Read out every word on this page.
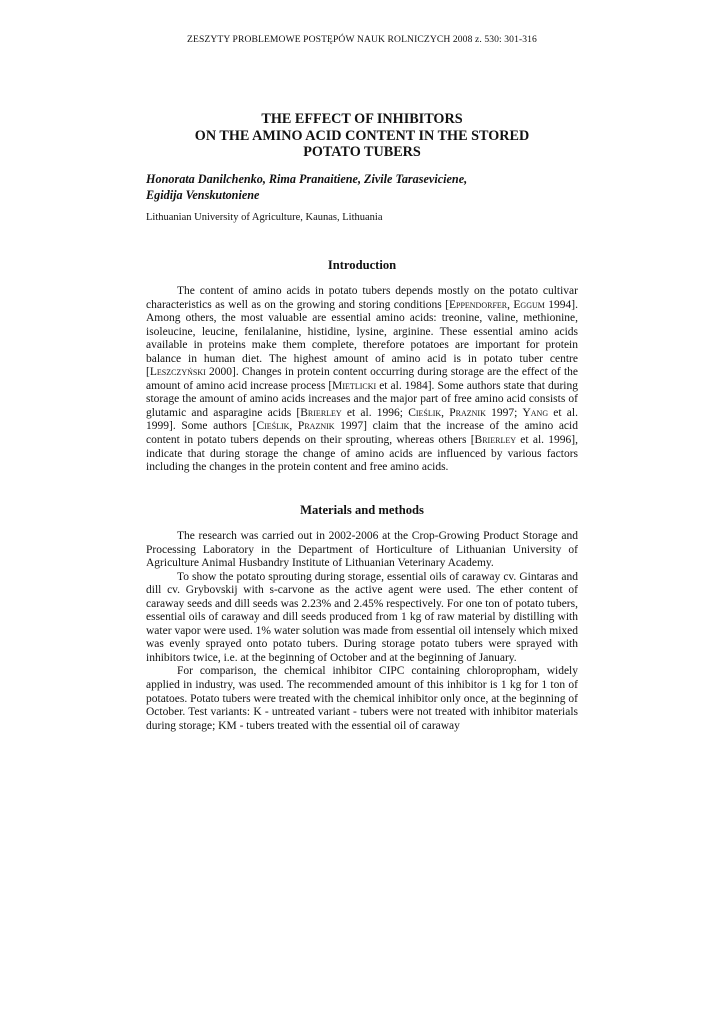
ZESZYTY PROBLEMOWE POSTĘPÓW NAUK ROLNICZYCH 2008 z. 530: 301-316
THE EFFECT OF INHIBITORS
ON THE AMINO ACID CONTENT IN THE STORED
POTATO TUBERS
Honorata Danilchenko, Rima Pranaitiene, Zivile Taraseviciene,
Egidija Venskutoniene
Lithuanian University of Agriculture, Kaunas, Lithuania
Introduction

The content of amino acids in potato tubers depends mostly on the potato cultivar characteristics as well as on the growing and storing conditions [Eppendorfer, Eggum 1994]. Among others, the most valuable are essential amino acids: treonine, valine, methionine, isoleucine, leucine, fenilalanine, histidine, lysine, arginine. These essential amino acids available in proteins make them complete, therefore potatoes are important for protein balance in human diet. The highest amount of amino acid is in potato tuber centre [Leszczyński 2000]. Changes in protein content occurring during storage are the effect of the amount of amino acid increase process [Mietlicki et al. 1984]. Some authors state that during storage the amount of amino acids increases and the major part of free amino acid consists of glutamic and asparagine acids [Brierley et al. 1996; Cieślik, Praznik 1997; Yang et al. 1999]. Some authors [Cieślik, Praznik 1997] claim that the increase of the amino acid content in potato tubers depends on their sprouting, whereas others [Brierley et al. 1996], indicate that during storage the change of amino acids are influenced by various factors including the changes in the protein content and free amino acids.

Materials and methods

The research was carried out in 2002-2006 at the Crop-Growing Product Storage and Processing Laboratory in the Department of Horticulture of Lithuanian University of Agriculture Animal Husbandry Institute of Lithuanian Veterinary Academy.

To show the potato sprouting during storage, essential oils of caraway cv. Gintaras and dill cv. Grybovskij with s-carvone as the active agent were used. The ether content of caraway seeds and dill seeds was 2.23% and 2.45% respectively. For one ton of potato tubers, essential oils of caraway and dill seeds produced from 1 kg of raw material by distilling with water vapor were used. 1% water solution was made from essential oil intensely which mixed was evenly sprayed onto potato tubers. During storage potato tubers were sprayed with inhibitors twice, i.e. at the beginning of October and at the beginning of January.

For comparison, the chemical inhibitor CIPC containing chloropropham, widely applied in industry, was used. The recommended amount of this inhibitor is 1 kg for 1 ton of potatoes. Potato tubers were treated with the chemical inhibitor only once, at the beginning of October. Test variants: K - untreated variant - tubers were not treated with inhibitor materials during storage; KM - tubers treated with the essential oil of caraway
